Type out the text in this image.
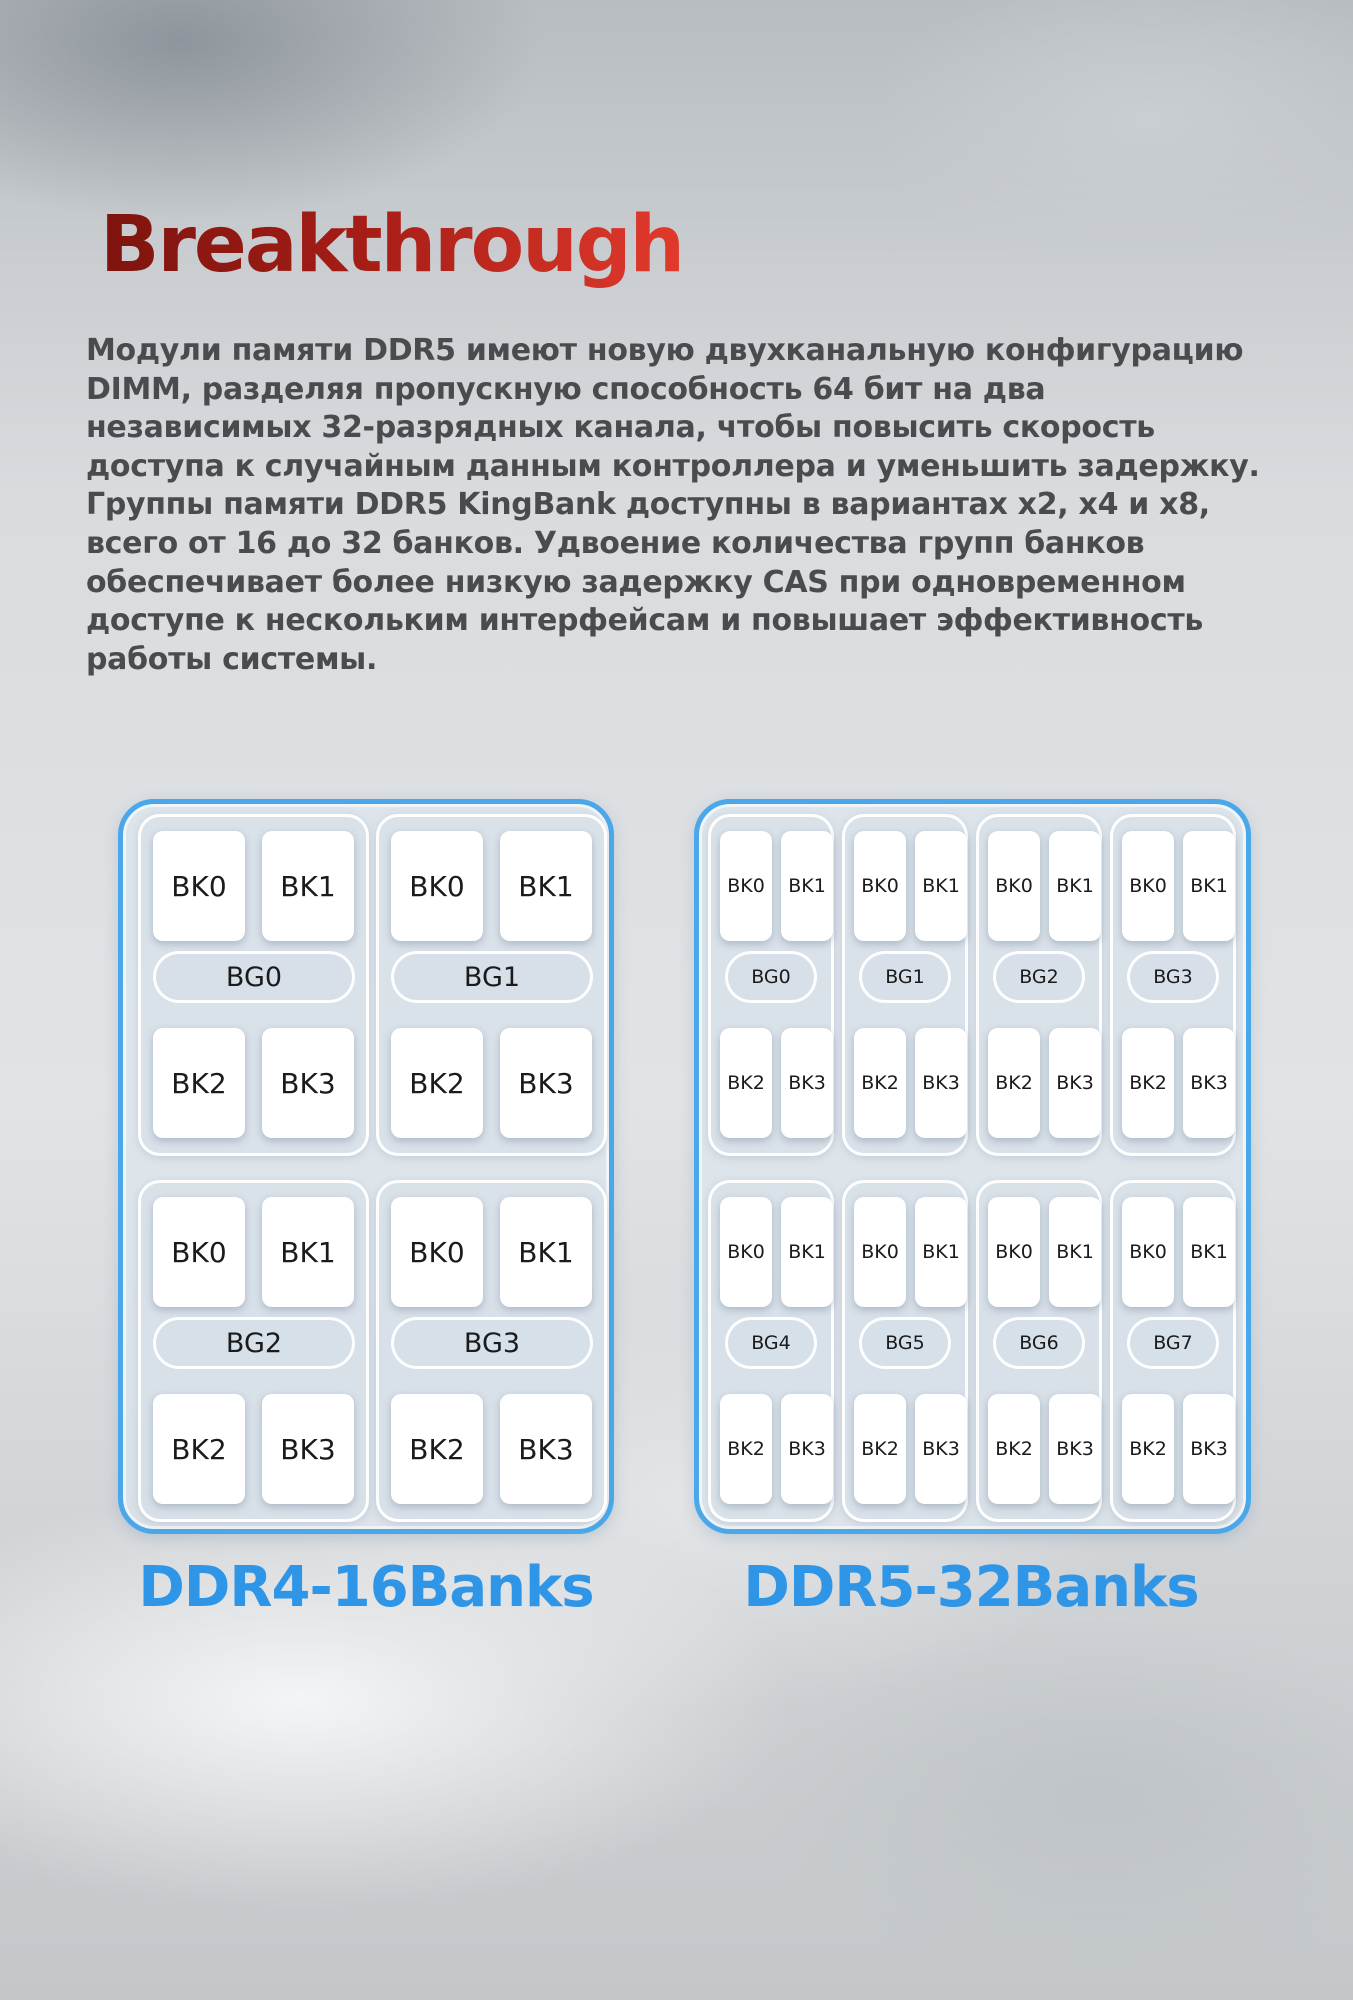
Breakthrough

Модули памяти DDR5 имеют новую двухканальную конфигурацию
DIMM, разделяя пропускную способность 64 бит на два
независимых 32-разрядных канала, чтобы повысить скорость
доступа к случайным данным контроллера и уменьшить задержку.
Группы памяти DDR5 KingBank доступны в вариантах x2, x4 и x8,
всего от 16 до 32 банков. Удвоение количества групп банков
обеспечивает более низкую задержку CAS при одновременном
доступе к нескольким интерфейсам и повышает эффективность
работы системы.

BK0	BK1
BK2	BK3
BG0
BK0	BK1
BK2	BK3
BG1
BK0	BK1
BK2	BK3
BG2
BK0	BK1
BK2	BK3
BG3
BK0	BK1
BK2	BK3
BG0
BK0	BK1
BK2	BK3
BG1
BK0	BK1
BK2	BK3
BG2
BK0	BK1
BK2	BK3
BG3
BK0	BK1
BK2	BK3
BG4
BK0	BK1
BK2	BK3
BG5
BK0	BK1
BK2	BK3
BG6
BK0	BK1
BK2	BK3
BG7
DDR4-16Banks	DDR5-32Banks
